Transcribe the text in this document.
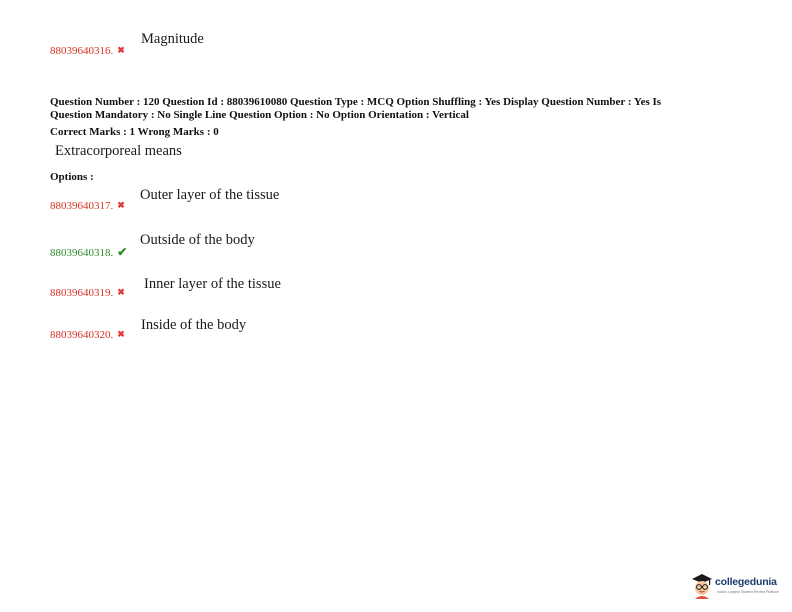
Magnitude
88039640316. ✖
Question Number : 120 Question Id : 88039610080 Question Type : MCQ Option Shuffling : Yes Display Question Number : Yes Is
Question Mandatory : No Single Line Question Option : No Option Orientation : Vertical
Correct Marks : 1 Wrong Marks : 0
Extracorporeal means
Options :
Outer layer of the tissue
88039640317. ✖
Outside of the body
88039640318. ✔
Inner layer of the tissue
88039640319. ✖
Inside of the body
88039640320. ✖
collegedunia
India's Largest Student Review Platform
